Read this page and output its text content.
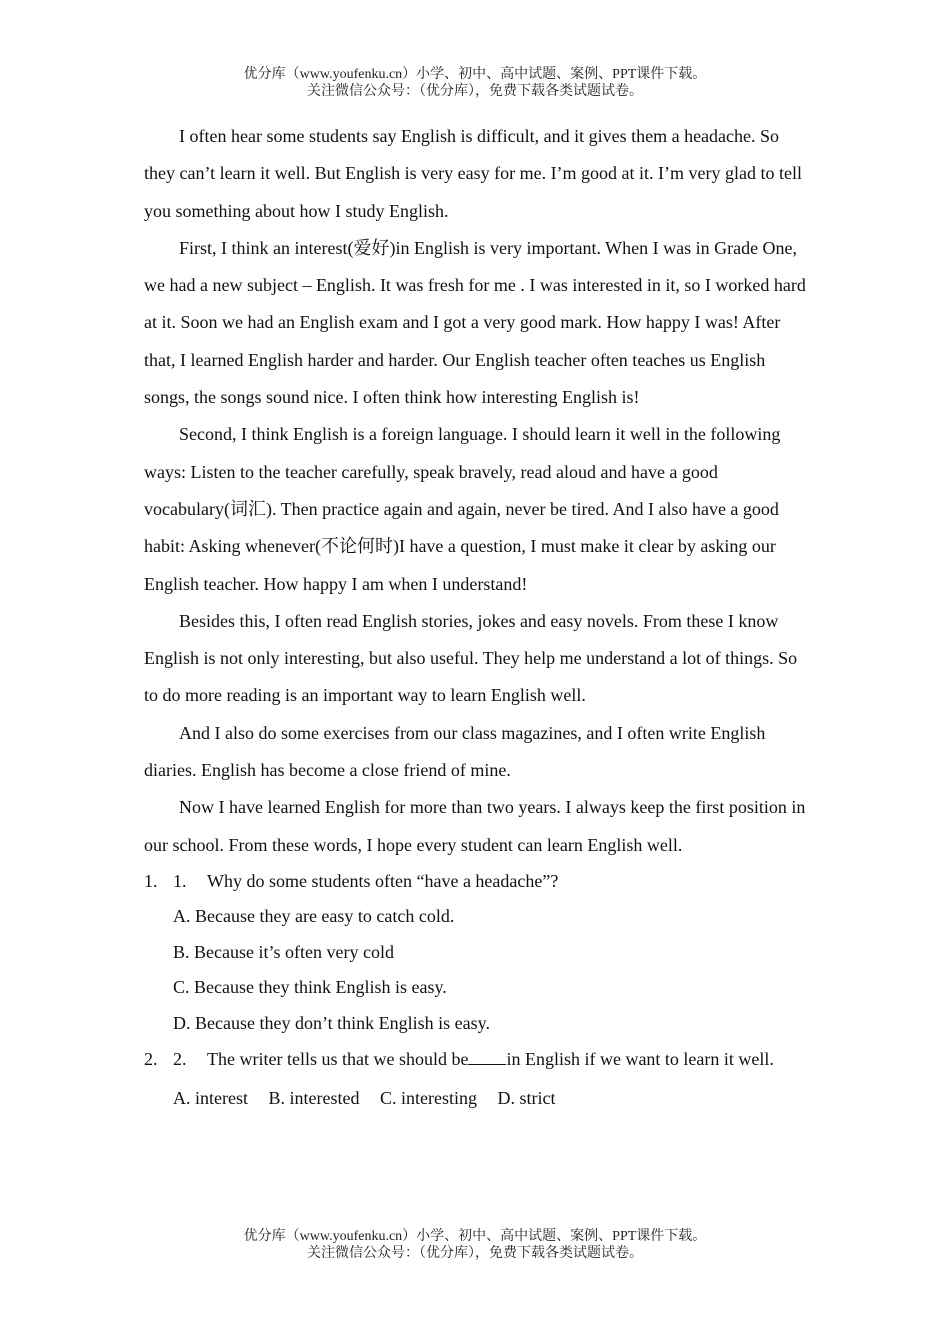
优分库（www.youfenku.cn）小学、初中、高中试题、案例、PPT课件下载。
关注微信公众号：（优分库），免费下载各类试题试卷。

I often hear some students say English is difficult, and it gives them a headache. So they can’t learn it well. But English is very easy for me. I’m good at it. I’m very glad to tell you something about how I study English.

First, I think an interest(爱好)in English is very important. When I was in Grade One, we had a new subject – English. It was fresh for me . I was interested in it, so I worked hard at it. Soon we had an English exam and I got a very good mark. How happy I was! After that, I learned English harder and harder. Our English teacher often teaches us English songs, the songs sound nice. I often think how interesting English is!

Second, I think English is a foreign language. I should learn it well in the following ways: Listen to the teacher carefully, speak bravely, read aloud and have a good vocabulary(词汇). Then practice again and again, never be tired. And I also have a good habit: Asking whenever(不论何时)I have a question, I must make it clear by asking our English teacher. How happy I am when I understand!

Besides this, I often read English stories, jokes and easy novels. From these I know English is not only interesting, but also useful. They help me understand a lot of things. So to do more reading is an important way to learn English well.

And I also do some exercises from our class magazines, and I often write English diaries. English has become a close friend of mine.

Now I have learned English for more than two years. I always keep the first position in our school. From these words, I hope every student can learn English well.

1. 1. Why do some students often “have a headache”?

A. Because they are easy to catch cold.

B. Because it’s often very cold

C. Because they think English is easy.

D. Because they don’t think English is easy.

2. 2. The writer tells us that we should be in English if we want to learn it well.

A. interest B. interested C. interesting D. strict

优分库（www.youfenku.cn）小学、初中、高中试题、案例、PPT课件下载。
关注微信公众号：（优分库），免费下载各类试题试卷。
